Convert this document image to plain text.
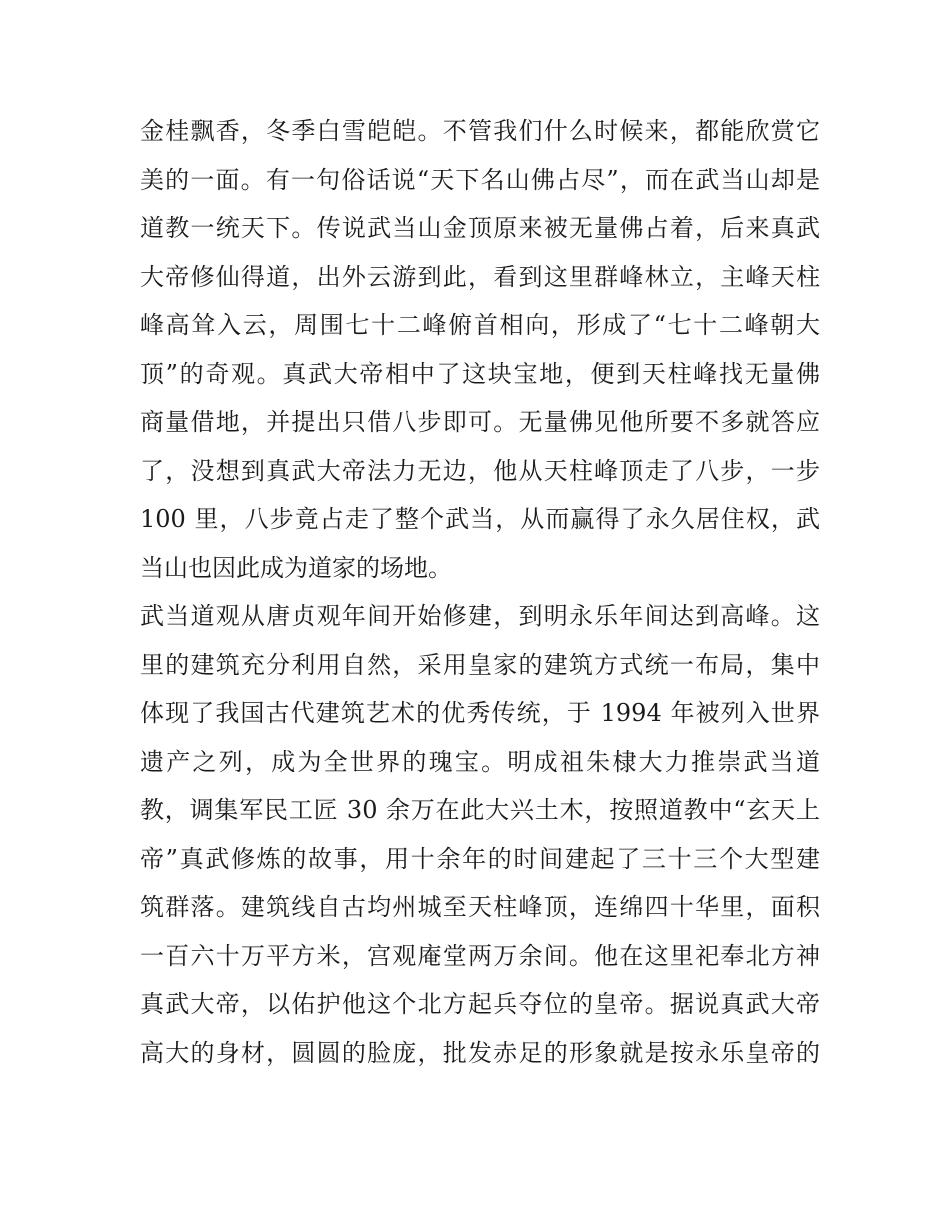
金桂飘香，冬季白雪皑皑。不管我们什么时候来，都能欣赏它
美的一面。有一句俗话说“天下名山佛占尽”，而在武当山却是
道教一统天下。传说武当山金顶原来被无量佛占着，后来真武
大帝修仙得道，出外云游到此，看到这里群峰林立，主峰天柱
峰高耸入云，周围七十二峰俯首相向，形成了“七十二峰朝大
顶”的奇观。真武大帝相中了这块宝地，便到天柱峰找无量佛
商量借地，并提出只借八步即可。无量佛见他所要不多就答应
了，没想到真武大帝法力无边，他从天柱峰顶走了八步，一步
100 里，八步竟占走了整个武当，从而赢得了永久居住权，武
当山也因此成为道家的场地。
武当道观从唐贞观年间开始修建，到明永乐年间达到高峰。这
里的建筑充分利用自然，采用皇家的建筑方式统一布局，集中
体现了我国古代建筑艺术的优秀传统，于 1994 年被列入世界
遗产之列，成为全世界的瑰宝。明成祖朱棣大力推崇武当道
教，调集军民工匠 30 余万在此大兴土木，按照道教中“玄天上
帝”真武修炼的故事，用十余年的时间建起了三十三个大型建
筑群落。建筑线自古均州城至天柱峰顶，连绵四十华里，面积
一百六十万平方米，宫观庵堂两万余间。他在这里祀奉北方神
真武大帝，以佑护他这个北方起兵夺位的皇帝。据说真武大帝
高大的身材，圆圆的脸庞，批发赤足的形象就是按永乐皇帝的
